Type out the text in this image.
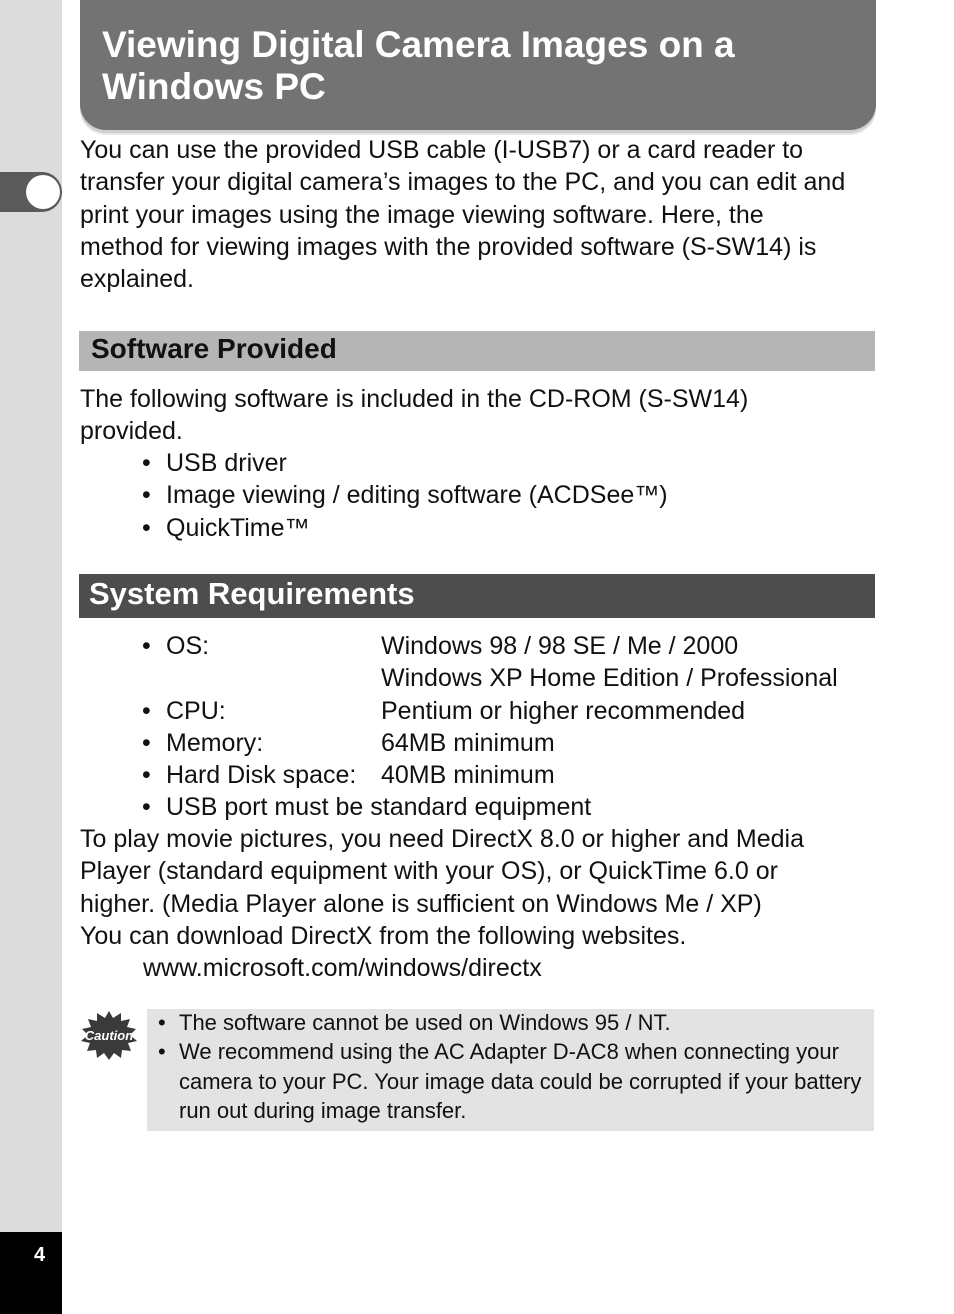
Viewing Digital Camera Images on a
Windows PC
You can use the provided USB cable (I-USB7) or a card reader to
transfer your digital camera’s images to the PC, and you can edit and
print your images using the image viewing software. Here, the
method for viewing images with the provided software (S-SW14) is
explained.
Software Provided
The following software is included in the CD-ROM (S-SW14)
provided.
• USB driver
• Image viewing / editing software (ACDSee™)
• QuickTime™
System Requirements
• OS:	Windows 98 / 98 SE / Me / 2000
Windows XP Home Edition / Professional
• CPU:	Pentium or higher recommended
• Memory:	64MB minimum
• Hard Disk space: 40MB minimum
• USB port must be standard equipment
To play movie pictures, you need DirectX 8.0 or higher and Media
Player (standard equipment with your OS), or QuickTime 6.0 or
higher. (Media Player alone is sufficient on Windows Me / XP)
You can download DirectX from the following websites.
www.microsoft.com/windows/directx
Caution
• The software cannot be used on Windows 95 / NT.
• We recommend using the AC Adapter D-AC8 when connecting your camera to your PC. Your image data could be corrupted if your battery run out during image transfer.
4
